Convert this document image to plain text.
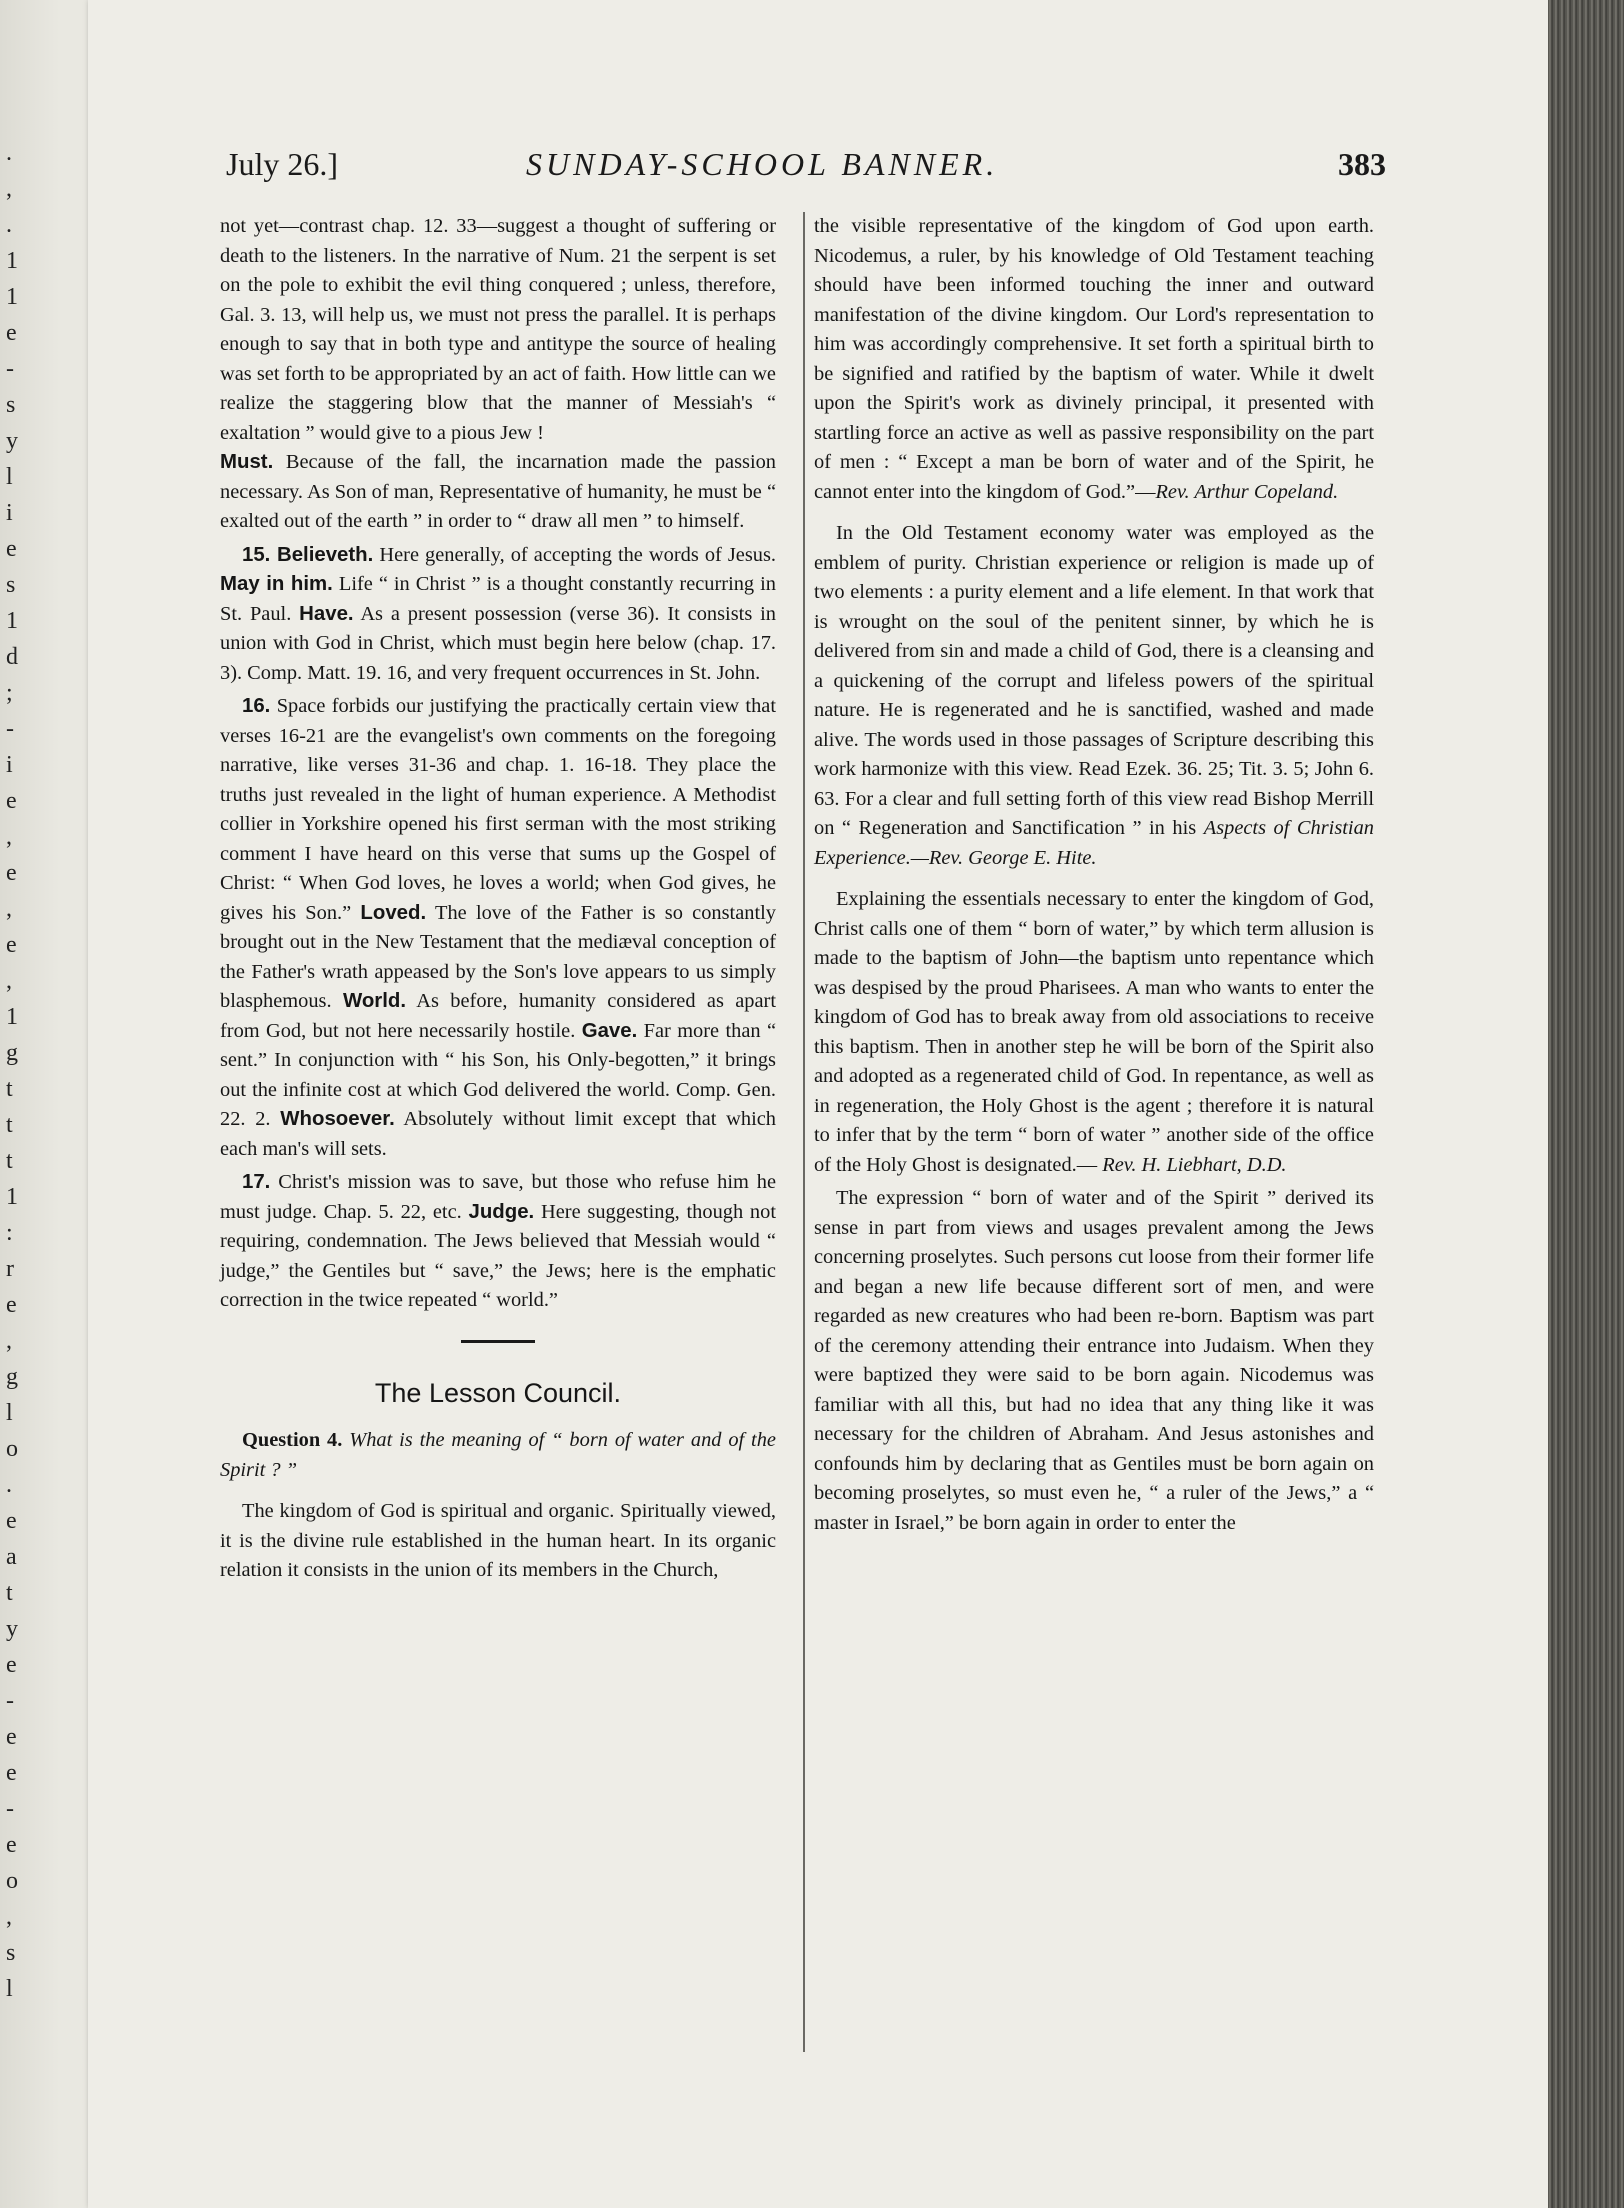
.
,
.
1
1
e
-
s
y
l
i
e
s
1
d
;
-
i
e
,
e
,
e
,
1
g
t
t
t
1
:
r
e
,
g
l
o
.
e
a
t
y
e
-
e
e
-
e
o
,
s
l
July 26.]	SUNDAY-SCHOOL BANNER.	383

not yet—contrast chap. 12. 33—suggest a thought of suffering or death to the listeners. In the narrative of Num. 21 the serpent is set on the pole to exhibit the evil thing conquered ; unless, therefore, Gal. 3. 13, will help us, we must not press the parallel. It is perhaps enough to say that in both type and antitype the source of healing was set forth to be appropriated by an act of faith. How little can we realize the staggering blow that the manner of Messiah's “ exaltation ” would give to a pious Jew !

Must. Because of the fall, the incarnation made the passion necessary. As Son of man, Representative of humanity, he must be “ exalted out of the earth ” in order to “ draw all men ” to himself.

15. Believeth. Here generally, of accepting the words of Jesus. May in him. Life “ in Christ ” is a thought constantly recurring in St. Paul. Have. As a present possession (verse 36). It consists in union with God in Christ, which must begin here below (chap. 17. 3). Comp. Matt. 19. 16, and very frequent occurrences in St. John.

16. Space forbids our justifying the practically certain view that verses 16-21 are the evangelist's own comments on the foregoing narrative, like verses 31-36 and chap. 1. 16-18. They place the truths just revealed in the light of human experience. A Methodist collier in Yorkshire opened his first serman with the most striking comment I have heard on this verse that sums up the Gospel of Christ: “ When God loves, he loves a world; when God gives, he gives his Son.” Loved. The love of the Father is so constantly brought out in the New Testament that the mediæval conception of the Father's wrath appeased by the Son's love appears to us simply blasphemous. World. As before, humanity considered as apart from God, but not here necessarily hostile. Gave. Far more than “ sent.” In conjunction with “ his Son, his Only-begotten,” it brings out the infinite cost at which God delivered the world. Comp. Gen. 22. 2. Whosoever. Absolutely without limit except that which each man's will sets.

17. Christ's mission was to save, but those who refuse him he must judge. Chap. 5. 22, etc. Judge. Here suggesting, though not requiring, condemnation. The Jews believed that Messiah would “ judge,” the Gentiles but “ save,” the Jews; here is the emphatic correction in the twice repeated “ world.”

The Lesson Council.

Question 4. What is the meaning of “ born of water and of the Spirit ? ”

The kingdom of God is spiritual and organic. Spiritually viewed, it is the divine rule established in the human heart. In its organic relation it consists in the union of its members in the Church,

the visible representative of the kingdom of God upon earth. Nicodemus, a ruler, by his knowledge of Old Testament teaching should have been informed touching the inner and outward manifestation of the divine kingdom. Our Lord's representation to him was accordingly comprehensive. It set forth a spiritual birth to be signified and ratified by the baptism of water. While it dwelt upon the Spirit's work as divinely principal, it presented with startling force an active as well as passive responsibility on the part of men : “ Except a man be born of water and of the Spirit, he cannot enter into the kingdom of God.”—Rev. Arthur Copeland.

In the Old Testament economy water was employed as the emblem of purity. Christian experience or religion is made up of two elements : a purity element and a life element. In that work that is wrought on the soul of the penitent sinner, by which he is delivered from sin and made a child of God, there is a cleansing and a quickening of the corrupt and lifeless powers of the spiritual nature. He is regenerated and he is sanctified, washed and made alive. The words used in those passages of Scripture describing this work harmonize with this view. Read Ezek. 36. 25; Tit. 3. 5; John 6. 63. For a clear and full setting forth of this view read Bishop Merrill on “ Regeneration and Sanctification ” in his Aspects of Christian Experience.—Rev. George E. Hite.

Explaining the essentials necessary to enter the kingdom of God, Christ calls one of them “ born of water,” by which term allusion is made to the baptism of John—the baptism unto repentance which was despised by the proud Pharisees. A man who wants to enter the kingdom of God has to break away from old associations to receive this baptism. Then in another step he will be born of the Spirit also and adopted as a regenerated child of God. In repentance, as well as in regeneration, the Holy Ghost is the agent ; therefore it is natural to infer that by the term “ born of water ” another side of the office of the Holy Ghost is designated.— Rev. H. Liebhart, D.D.

The expression “ born of water and of the Spirit ” derived its sense in part from views and usages prevalent among the Jews concerning proselytes. Such persons cut loose from their former life and began a new life because different sort of men, and were regarded as new creatures who had been re-born. Baptism was part of the ceremony attending their entrance into Judaism. When they were baptized they were said to be born again. Nicodemus was familiar with all this, but had no idea that any thing like it was necessary for the children of Abraham. And Jesus astonishes and confounds him by declaring that as Gentiles must be born again on becoming proselytes, so must even he, “ a ruler of the Jews,” a “ master in Israel,” be born again in order to enter the
